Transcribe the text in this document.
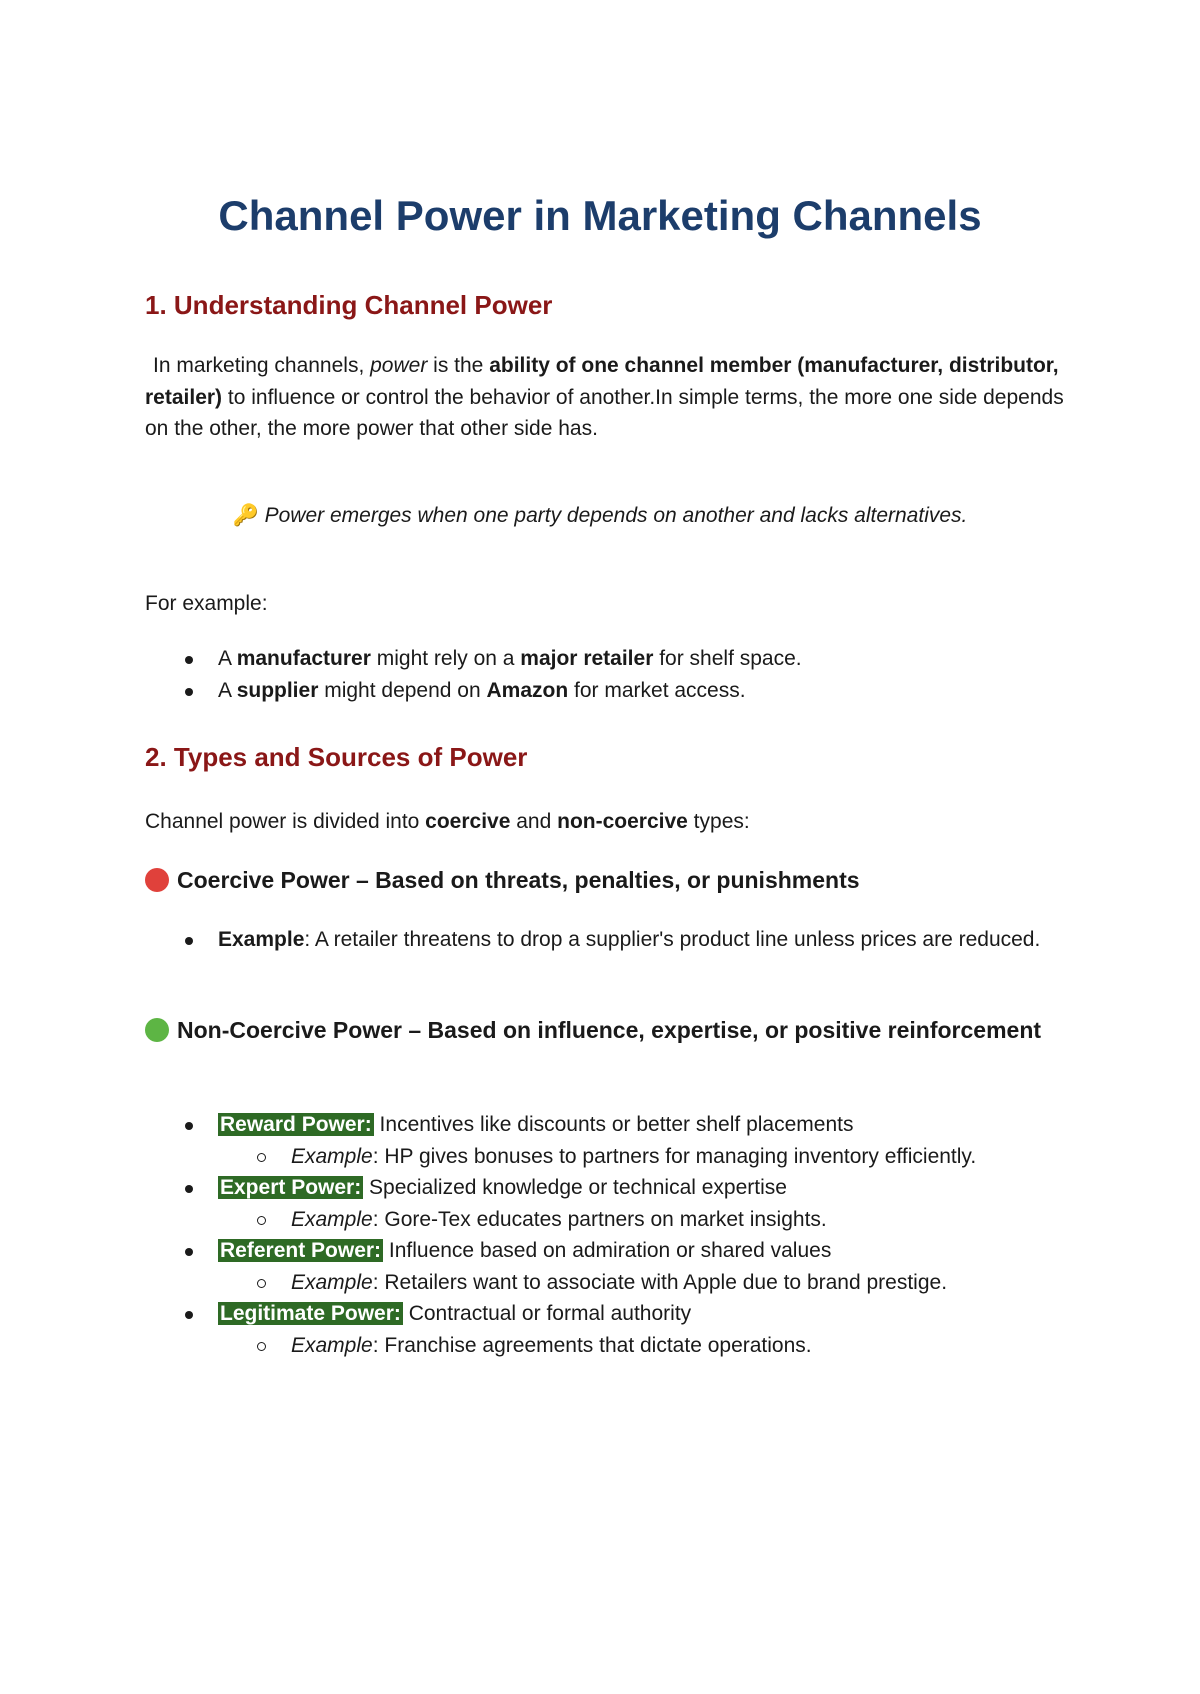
Channel Power in Marketing Channels
1. Understanding Channel Power

In marketing channels, power is the ability of one channel member (manufacturer, distributor, retailer) to influence or control the behavior of another.In simple terms, the more one side depends on the other, the more power that other side has.

🔑 Power emerges when one party depends on another and lacks alternatives.

For example:

A manufacturer might rely on a major retailer for shelf space.
A supplier might depend on Amazon for market access.
2. Types and Sources of Power

Channel power is divided into coercive and non-coercive types:

Coercive Power – Based on threats, penalties, or punishments
Example: A retailer threatens to drop a supplier's product line unless prices are reduced.
Non-Coercive Power – Based on influence, expertise, or positive reinforcement
Reward Power: Incentives like discounts or better shelf placements
Example: HP gives bonuses to partners for managing inventory efficiently.
Expert Power: Specialized knowledge or technical expertise
Example: Gore-Tex educates partners on market insights.
Referent Power: Influence based on admiration or shared values
Example: Retailers want to associate with Apple due to brand prestige.
Legitimate Power: Contractual or formal authority
Example: Franchise agreements that dictate operations.
